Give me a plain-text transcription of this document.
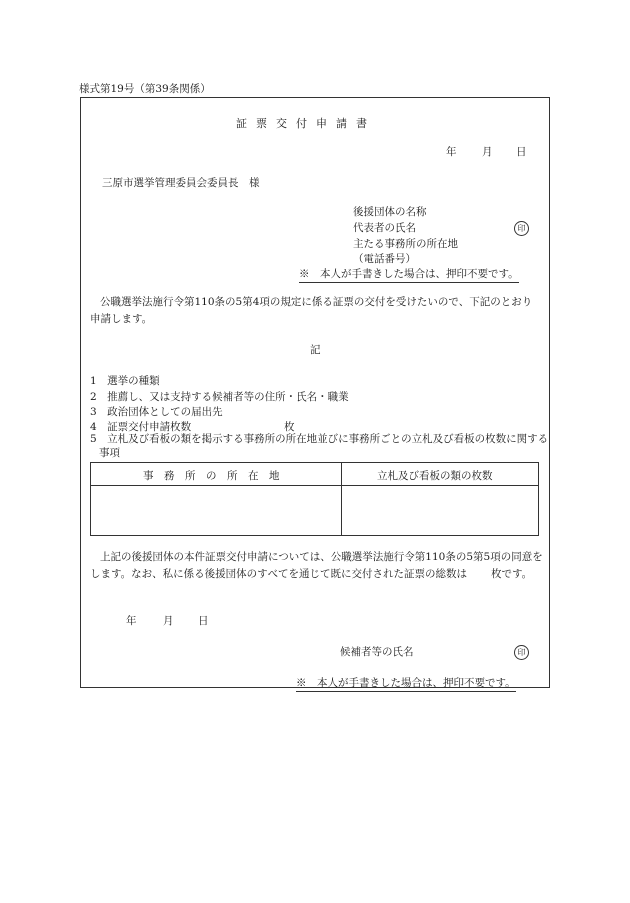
様式第19号（第39条関係）
証票交付申請書
年 月 日
三原市選挙管理委員会委員長　様
後援団体の名称
代表者の氏名	印
主たる事務所の所在地
（電話番号）
※　本人が手書きした場合は、押印不要です。
公職選挙法施行令第110条の5第4項の規定に係る証票の交付を受けたいので、下記のとおり申請します。
記
1　選挙の種類
2　推薦し、又は支持する候補者等の住所・氏名・職業
3　政治団体としての届出先
4　証票交付申請枚数	枚
5　立札及び看板の類を掲示する事務所の所在地並びに事務所ごとの立札及び看板の枚数に関する事項
事　務　所　の　所　在　地	立札及び看板の類の枚数
上記の後援団体の本件証票交付申請については、公職選挙法施行令第110条の5第5項の同意をします。なお、私に係る後援団体のすべてを通じて既に交付された証票の総数は 枚です。
年	月 日
候補者等の氏名	印
※　本人が手書きした場合は、押印不要です。
